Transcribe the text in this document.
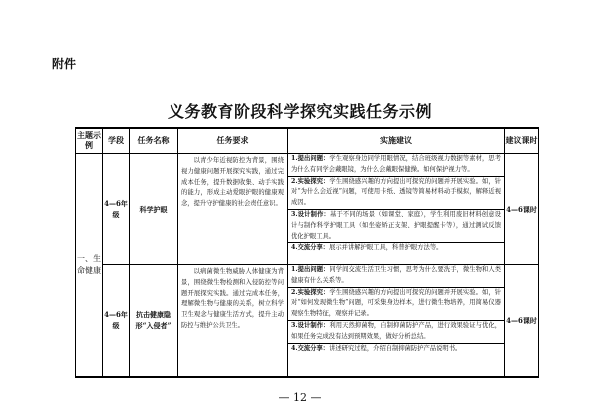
附件
义务教育阶段科学探究实践任务示例
主题示例	学段	任务名称	任务要求	实施建议	建议课时
一、生命健康	4—6年级	科学护眼	以青少年近视防控为背景，围绕视力健康问题开展探究实践，通过完成本任务，提升数据收集、动手实践的能力，形成主动爱眼护眼的健康观念，提升守护健康的社会责任意识。	1.提出问题：学生观察身边同学用眼情况，结合班级视力数据等素材，思考为什么有同学会戴眼镜，为什么会戴眼保健操。如何保护视力等。

2.实验探究：学生围绕感兴趣的方向提出可探究的问题并开展实验。如，针对“为什么会近视”问题，可使用卡纸、透镜等简易材料动手模拟，解释近视成因。

3.设计制作：基于不同的场景（如课堂、家庭），学生利用废旧材料创意设计与制作科学护眼工具（如坐姿矫正支架、护眼提醒卡等），通过测试反馈优化护眼工具。

4.交流分享：展示并讲解护眼工具，科普护眼方法等。	4—6课时
	4—6年级	抗击健康隐形“入侵者”	以病菌微生物威胁人体健康为背景，围绕微生物检测和入侵防控等问题开展探究实践。通过完成本任务，理解微生物与健康的关系，树立科学卫生观念与健康生活方式，提升主动防控与维护公共卫生。	1.提出问题：同学间交流生活卫生习惯，思考为什么要洗手，微生物和人类健康有什么关系等。

2.实验探究：学生围绕感兴趣的方向提出可探究的问题并开展实验。如，针对“如何发现微生物”问题，可采集身边样本，进行微生物培养，用简易仪器观察生物特征，观察并记录。

3.设计制作：利用天然抑菌物，自制抑菌防护产品，进行效果验证与优化，如果任务完成没有达到预期效果，做好分析总结。

4.交流分享：讲述研究过程，介绍自制抑菌防护产品说明书。	4—6课时
— 12 —
